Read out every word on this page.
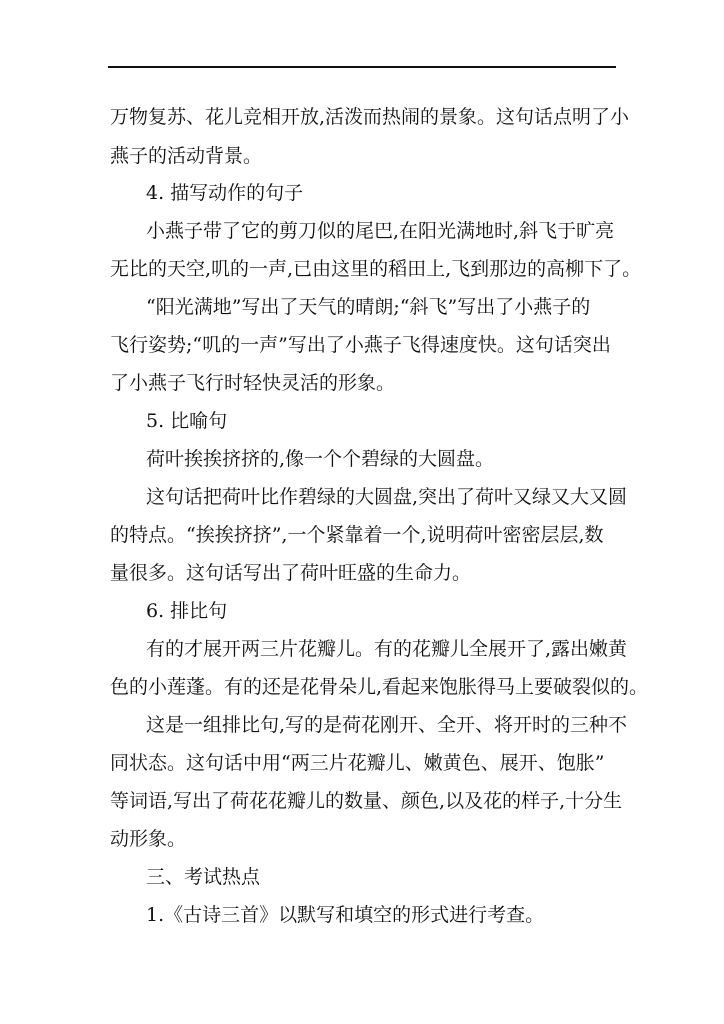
万物复苏、花儿竞相开放,活泼而热闹的景象。这句话点明了小
燕子的活动背景。
4. 描写动作的句子
小燕子带了它的剪刀似的尾巴,在阳光满地时,斜飞于旷亮
无比的天空,叽的一声,已由这里的稻田上,飞到那边的高柳下了。
“阳光满地”写出了天气的晴朗;“斜飞”写出了小燕子的
飞行姿势;“叽的一声”写出了小燕子飞得速度快。这句话突出
了小燕子飞行时轻快灵活的形象。
5. 比喻句
荷叶挨挨挤挤的,像一个个碧绿的大圆盘。
这句话把荷叶比作碧绿的大圆盘,突出了荷叶又绿又大又圆
的特点。“挨挨挤挤”,一个紧靠着一个,说明荷叶密密层层,数
量很多。这句话写出了荷叶旺盛的生命力。
6. 排比句
有的才展开两三片花瓣儿。有的花瓣儿全展开了,露出嫩黄
色的小莲蓬。有的还是花骨朵儿,看起来饱胀得马上要破裂似的。
这是一组排比句,写的是荷花刚开、全开、将开时的三种不
同状态。这句话中用“两三片花瓣儿、嫩黄色、展开、饱胀”
等词语,写出了荷花花瓣儿的数量、颜色,以及花的样子,十分生
动形象。
三、考试热点
1.《古诗三首》以默写和填空的形式进行考查。
